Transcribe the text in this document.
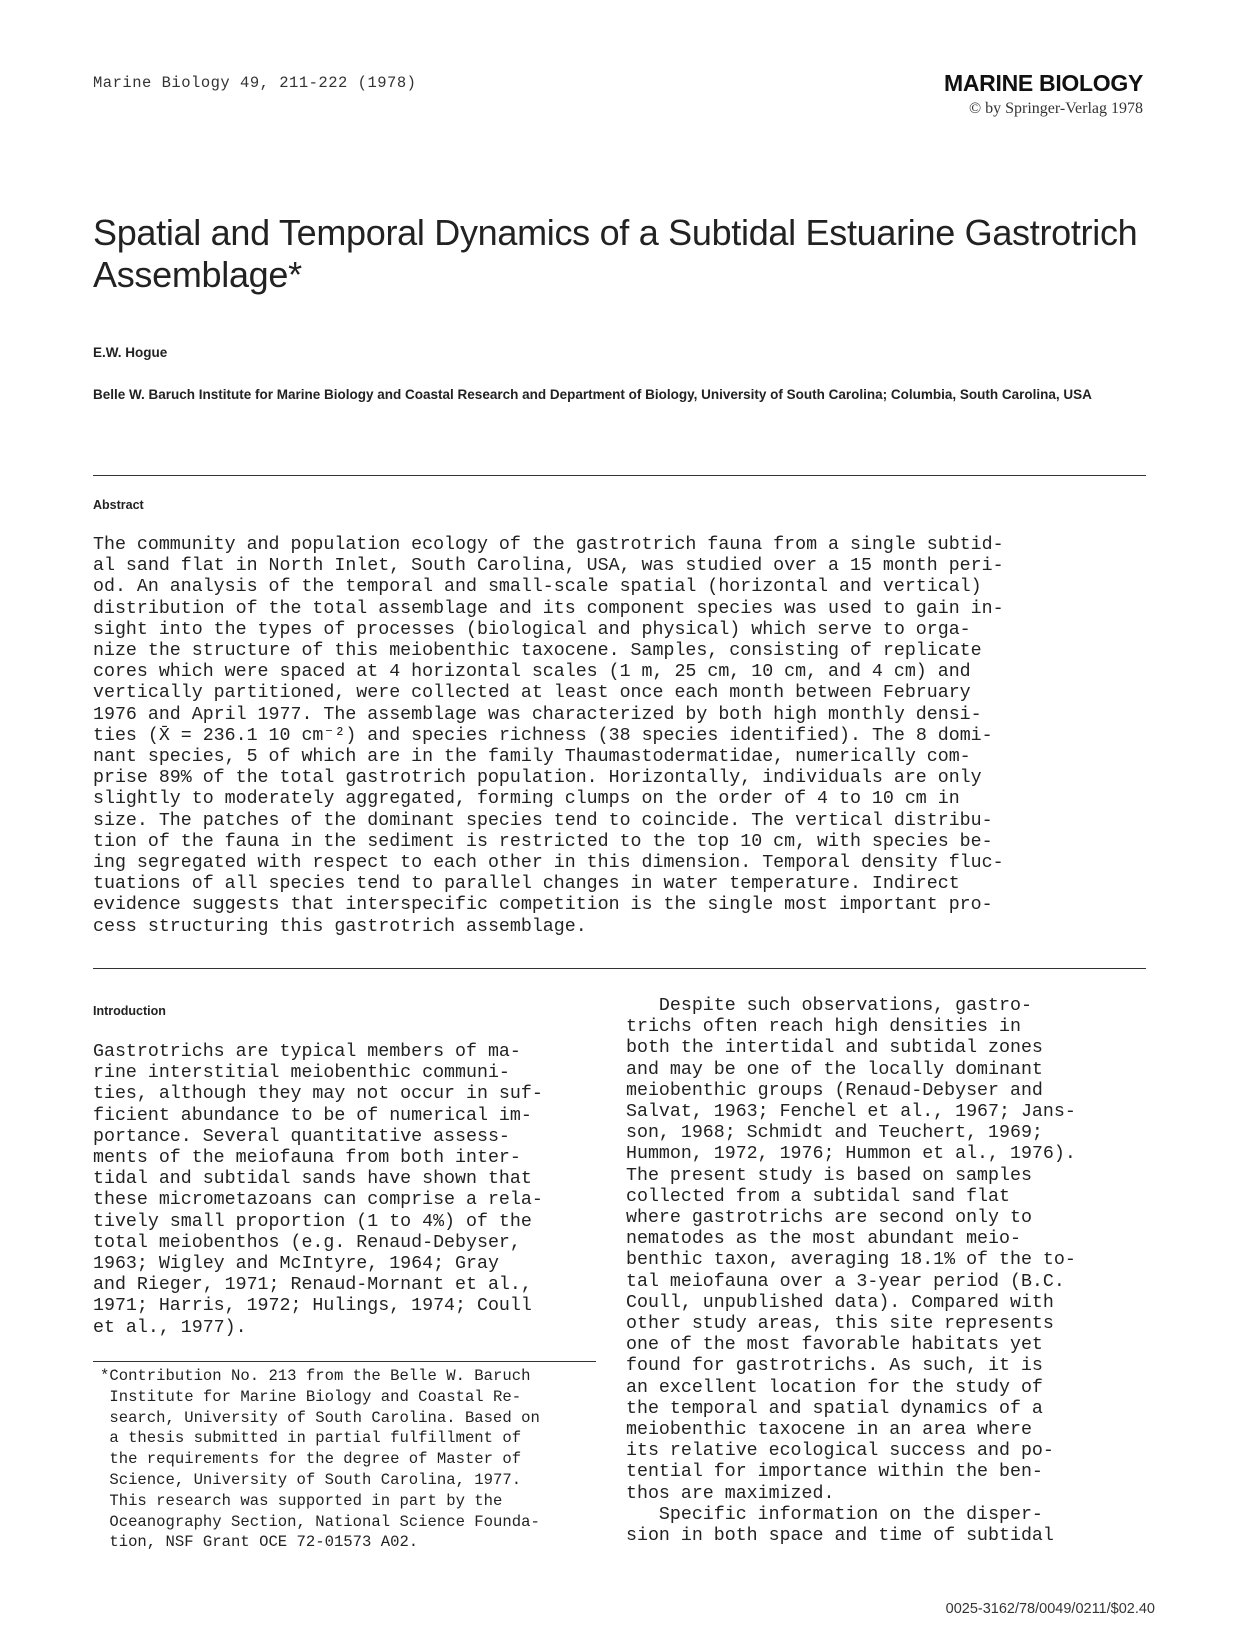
Marine Biology 49, 211-222 (1978)	MARINE BIOLOGY
© by Springer-Verlag 1978
Spatial and Temporal Dynamics of a Subtidal Estuarine Gastrotrich Assemblage*
E.W. Hogue
Belle W. Baruch Institute for Marine Biology and Coastal Research and Department of Biology, University of South Carolina; Columbia, South Carolina, USA
Abstract
The community and population ecology of the gastrotrich fauna from a single subtid-
al sand flat in North Inlet, South Carolina, USA, was studied over a 15 month peri-
od. An analysis of the temporal and small-scale spatial (horizontal and vertical)
distribution of the total assemblage and its component species was used to gain in-
sight into the types of processes (biological and physical) which serve to orga-
nize the structure of this meiobenthic taxocene. Samples, consisting of replicate
cores which were spaced at 4 horizontal scales (1 m, 25 cm, 10 cm, and 4 cm) and
vertically partitioned, were collected at least once each month between February
1976 and April 1977. The assemblage was characterized by both high monthly densi-
ties (X̄ = 236.1 10 cm⁻²) and species richness (38 species identified). The 8 domi-
nant species, 5 of which are in the family Thaumastodermatidae, numerically com-
prise 89% of the total gastrotrich population. Horizontally, individuals are only
slightly to moderately aggregated, forming clumps on the order of 4 to 10 cm in
size. The patches of the dominant species tend to coincide. The vertical distribu-
tion of the fauna in the sediment is restricted to the top 10 cm, with species be-
ing segregated with respect to each other in this dimension. Temporal density fluc-
tuations of all species tend to parallel changes in water temperature. Indirect
evidence suggests that interspecific competition is the single most important pro-
cess structuring this gastrotrich assemblage.
Introduction
Gastrotrichs are typical members of ma-
rine interstitial meiobenthic communi-
ties, although they may not occur in suf-
ficient abundance to be of numerical im-
portance. Several quantitative assess-
ments of the meiofauna from both inter-
tidal and subtidal sands have shown that
these micrometazoans can comprise a rela-
tively small proportion (1 to 4%) of the
total meiobenthos (e.g. Renaud-Debyser,
1963; Wigley and McIntyre, 1964; Gray
and Rieger, 1971; Renaud-Mornant et al.,
1971; Harris, 1972; Hulings, 1974; Coull
et al., 1977).
*Contribution No. 213 from the Belle W. Baruch
Institute for Marine Biology and Coastal Re-
search, University of South Carolina. Based on
a thesis submitted in partial fulfillment of
the requirements for the degree of Master of
Science, University of South Carolina, 1977.
This research was supported in part by the
Oceanography Section, National Science Founda-
tion, NSF Grant OCE 72-01573 A02.
Despite such observations, gastro-
trichs often reach high densities in
both the intertidal and subtidal zones
and may be one of the locally dominant
meiobenthic groups (Renaud-Debyser and
Salvat, 1963; Fenchel et al., 1967; Jans-
son, 1968; Schmidt and Teuchert, 1969;
Hummon, 1972, 1976; Hummon et al., 1976).
The present study is based on samples
collected from a subtidal sand flat
where gastrotrichs are second only to
nematodes as the most abundant meio-
benthic taxon, averaging 18.1% of the to-
tal meiofauna over a 3-year period (B.C.
Coull, unpublished data). Compared with
other study areas, this site represents
one of the most favorable habitats yet
found for gastrotrichs. As such, it is
an excellent location for the study of
the temporal and spatial dynamics of a
meiobenthic taxocene in an area where
its relative ecological success and po-
tential for importance within the ben-
thos are maximized.
Specific information on the disper-
sion in both space and time of subtidal
0025-3162/78/0049/0211/$02.40
